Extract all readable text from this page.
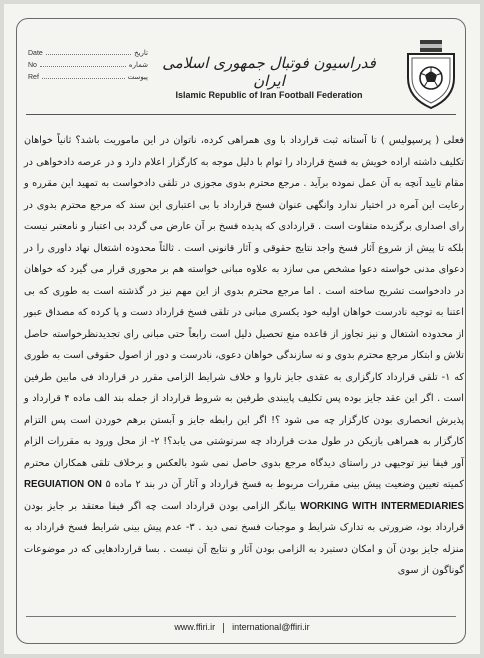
Date	تاریخ
No	شماره
Ref	پیوست
فدراسیون فوتبال جمهوری اسلامی ایران
Islamic Republic of Iran Football Federation

فعلی ( پرسپولیس ) تا آستانه ثبت قرارداد با وی همراهی کرده، ناتوان در این ماموریت باشد؟ ثانیاً خواهان تکلیف داشته اراده خویش به فسخ قرارداد را توام با دلیل موجه به کارگزار اعلام دارد و در عرصه دادخواهی در مقام تایید آنچه به آن عمل نموده برآید . مرجع محترم بدوی مجوزی در تلقی دادخواست به تمهید این مقرره و رعایت این آمره در اختیار ندارد وانگهی عنوان فسخ قرارداد با بی اعتباری این سند که مرجع محترم بدوی در رای اصداری برگزیده متفاوت است . قراردادی که پدیده فسخ بر آن عارض می گردد بی اعتبار و نامعتبر نیست بلکه تا پیش از شروع آثار فسخ واجد نتایج حقوقی و آثار قانونی است . ثالثاً محدوده اشتغال نهاد داوری را در دعوای مدنی خواسته دعوا مشخص می سازد به علاوه مبانی خواسته هم بر محوری قرار می گیرد که خواهان در دادخواست تشریح ساخته است . اما مرجع محترم بدوی از این مهم نیز در گذشته است به طوری که بی اعتنا به توجیه نادرست خواهان اولیه خود یکسری مبانی در تلقی فسخ قرارداد دست و پا کرده که مصداق عبور از محدوده اشتغال و نیز تجاوز از قاعده منع تحصیل دلیل است رابعاً حتی مبانی رای تجدیدنظرخواسته حاصل تلاش و ابتکار مرجع محترم بدوی و نه سازندگی خواهان دعوی، نادرست و دور از اصول حقوقی است به طوری که ۱- تلقی قرارداد کارگزاری به عقدی جایز ناروا و خلاف شرایط الزامی مقرر در قرارداد فی مابین طرفین است . اگر این عقد جایز بوده پس تکلیف پایبندی طرفین به شروط قرارداد از جمله بند الف ماده ۴ قرارداد و پذیرش انحصاری بودن کارگزار چه می شود ؟! اگر این رابطه جایز و آبستن برهم خوردن است پس التزام کارگزار به همراهی بازیکن در طول مدت قرارداد چه سرنوشتی می یابد؟! ۲- از محل ورود به مقررات الزام آور فیفا نیز توجیهی در راستای دیدگاه مرجع بدوی حاصل نمی شود بالعکس و برخلاف تلقی همکاران محترم کمیته تعیین وضعیت پیش بینی مقررات مربوط به فسخ قرارداد و آثار آن در بند ۲ ماده ۵ REGUIATION ON WORKING WITH INTERMEDIARIES بیانگر الزامی بودن قرارداد است چه اگر فیفا معتقد بر جایز بودن قرارداد بود، ضرورتی به تدارک شرایط و موجبات فسخ نمی دید . ۳- عدم پیش بینی شرایط فسخ قرارداد به منزله جایز بودن آن و امکان دستبرد به الزامی بودن آثار و نتایج آن نیست . بسا قراردادهایی که در موضوعات گوناگون از سوی

www.ffiri.ir international@ffiri.ir
